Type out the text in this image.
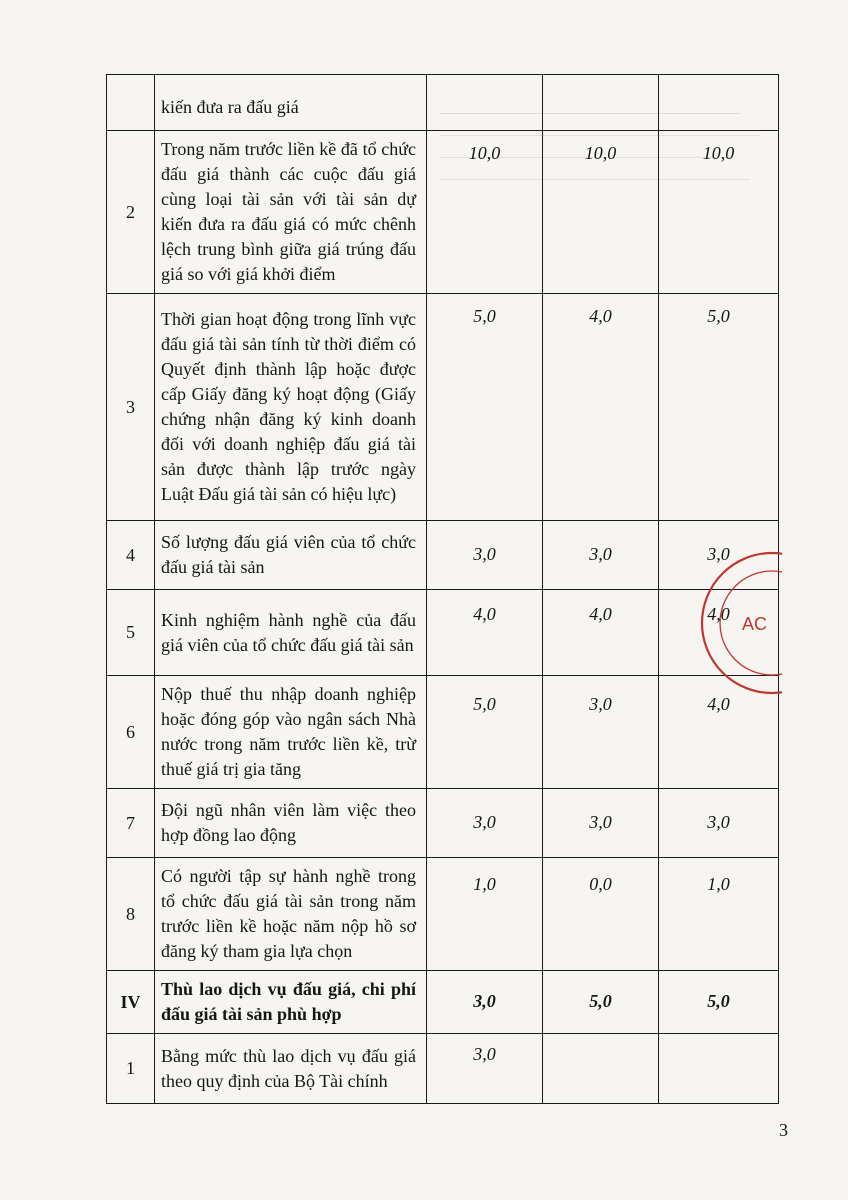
	kiến đưa ra đấu giá			
2	Trong năm trước liền kề đã tổ chức đấu giá thành các cuộc đấu giá cùng loại tài sản với tài sản dự kiến đưa ra đấu giá có mức chênh lệch trung bình giữa giá trúng đấu giá so với giá khởi điểm	10,0	10,0	10,0
3	Thời gian hoạt động trong lĩnh vực đấu giá tài sản tính từ thời điểm có Quyết định thành lập hoặc được cấp Giấy đăng ký hoạt động (Giấy chứng nhận đăng ký kinh doanh đối với doanh nghiệp đấu giá tài sản được thành lập trước ngày Luật Đấu giá tài sản có hiệu lực)	5,0	4,0	5,0
4	Số lượng đấu giá viên của tổ chức đấu giá tài sản	3,0	3,0	3,0
5	Kinh nghiệm hành nghề của đấu giá viên của tổ chức đấu giá tài sản	4,0	4,0	4,0
6	Nộp thuế thu nhập doanh nghiệp hoặc đóng góp vào ngân sách Nhà nước trong năm trước liền kề, trừ thuế giá trị gia tăng	5,0	3,0	4,0
7	Đội ngũ nhân viên làm việc theo hợp đồng lao động	3,0	3,0	3,0
8	Có người tập sự hành nghề trong tổ chức đấu giá tài sản trong năm trước liền kề hoặc năm nộp hồ sơ đăng ký tham gia lựa chọn	1,0	0,0	1,0
IV	Thù lao dịch vụ đấu giá, chi phí đấu giá tài sản phù hợp	3,0	5,0	5,0
1	Bằng mức thù lao dịch vụ đấu giá theo quy định của Bộ Tài chính	3,0		
AC
3
